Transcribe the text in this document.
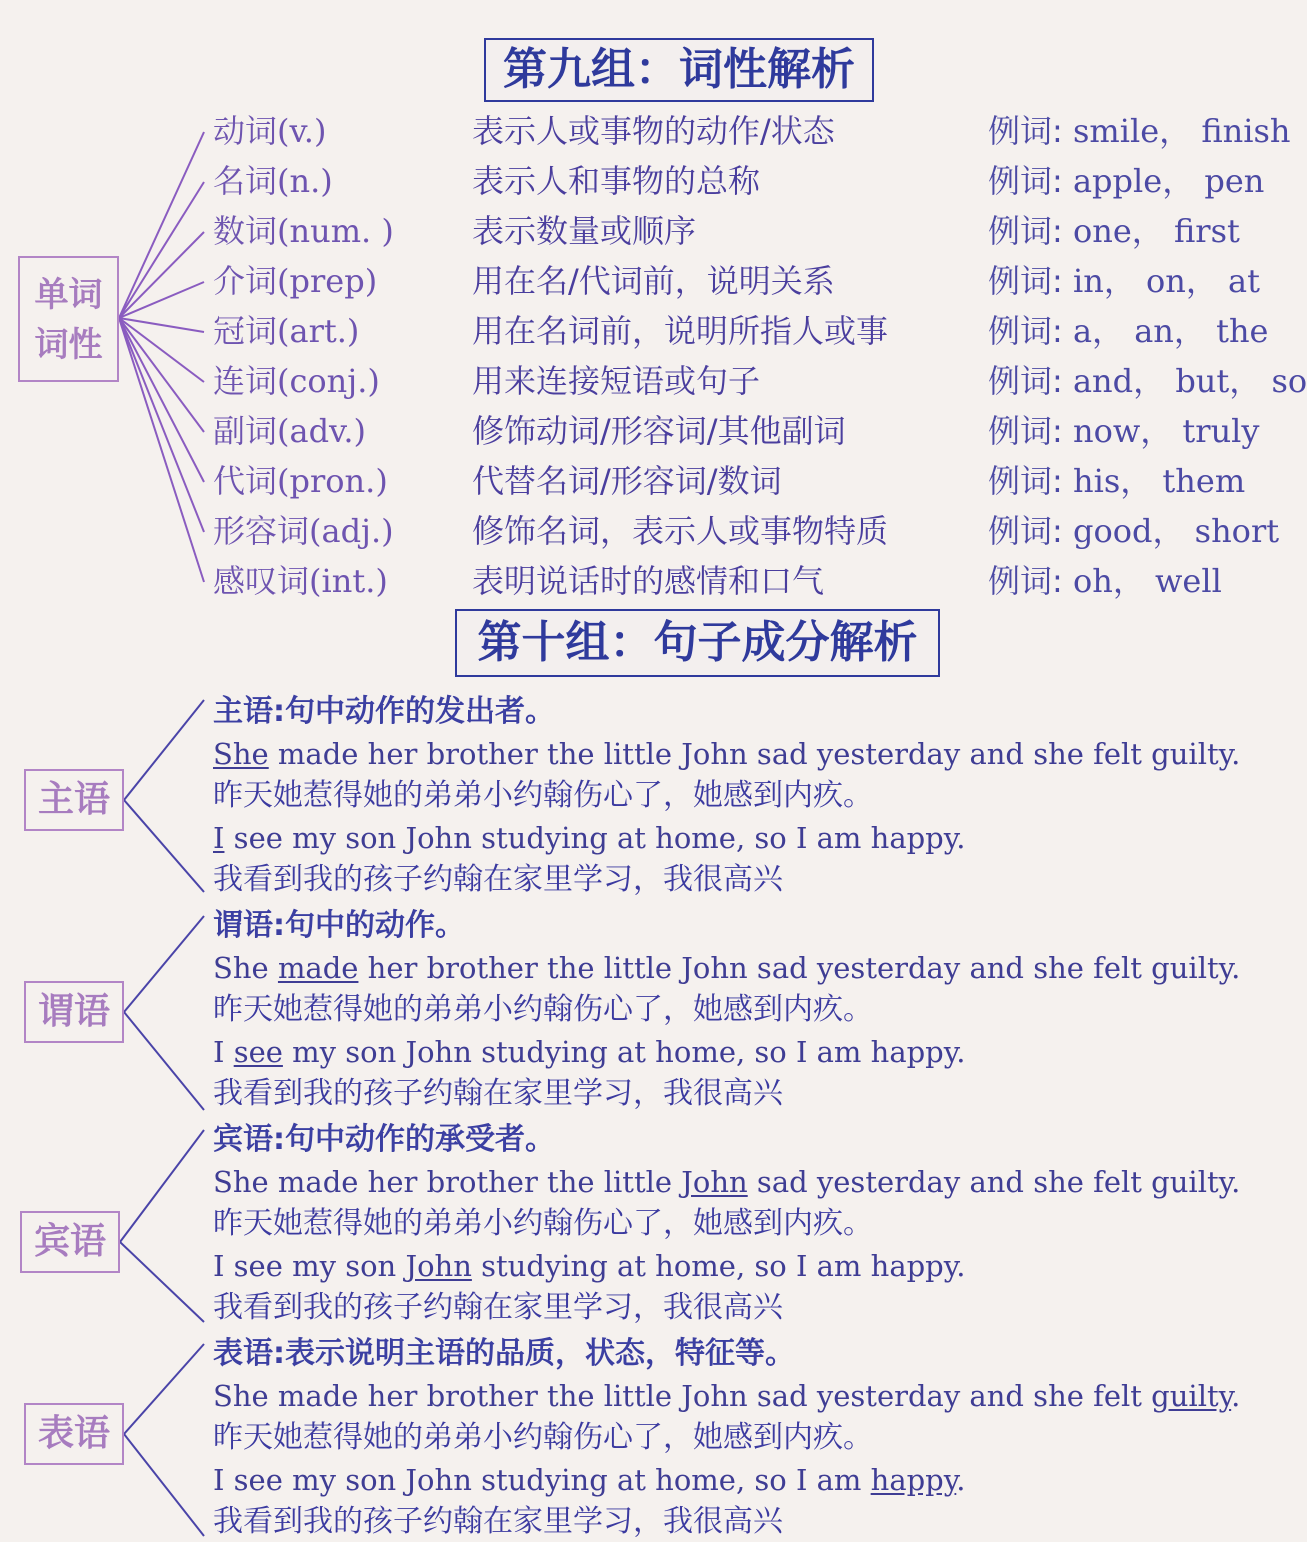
第九组：词性解析
单词
词性
动词(v.)	表示人或事物的动作/状态	例词: smile， finish
名词(n.)	表示人和事物的总称	例词: apple， pen
数词(num. ) 表示数量或顺序	例词: one， first
介词(prep)	用在名/代词前，说明关系	例词: in， on， at
冠词(art.)	用在名词前，说明所指人或事	例词: a， an， the
连词(conj.)	用来连接短语或句子	例词: and， but， so
副词(adv.)	修饰动词/形容词/其他副词	例词: now， truly
代词(pron.)	代替名词/形容词/数词	例词: his， them
形容词(adj.) 修饰名词，表示人或事物特质	例词: good， short
感叹词(int.)	表明说话时的感情和口气	例词: oh， well
第十组：句子成分解析
主语
谓语
宾语
表语
主语:句中动作的发出者。
She made her brother the little John sad yesterday and she felt guilty.
I see my son John studying at home, so I am happy.
昨天她惹得她的弟弟小约翰伤心了，她感到内疚。
我看到我的孩子约翰在家里学习，我很高兴
谓语:句中的动作。
She made her brother the little John sad yesterday and she felt guilty.
I see my son John studying at home, so I am happy.
昨天她惹得她的弟弟小约翰伤心了，她感到内疚。
我看到我的孩子约翰在家里学习，我很高兴
宾语:句中动作的承受者。
She made her brother the little John sad yesterday and she felt guilty.
I see my son John studying at home, so I am happy.
昨天她惹得她的弟弟小约翰伤心了，她感到内疚。
我看到我的孩子约翰在家里学习，我很高兴
表语:表示说明主语的品质，状态，特征等。
She made her brother the little John sad yesterday and she felt guilty.
I see my son John studying at home, so I am happy.
昨天她惹得她的弟弟小约翰伤心了，她感到内疚。
我看到我的孩子约翰在家里学习，我很高兴
